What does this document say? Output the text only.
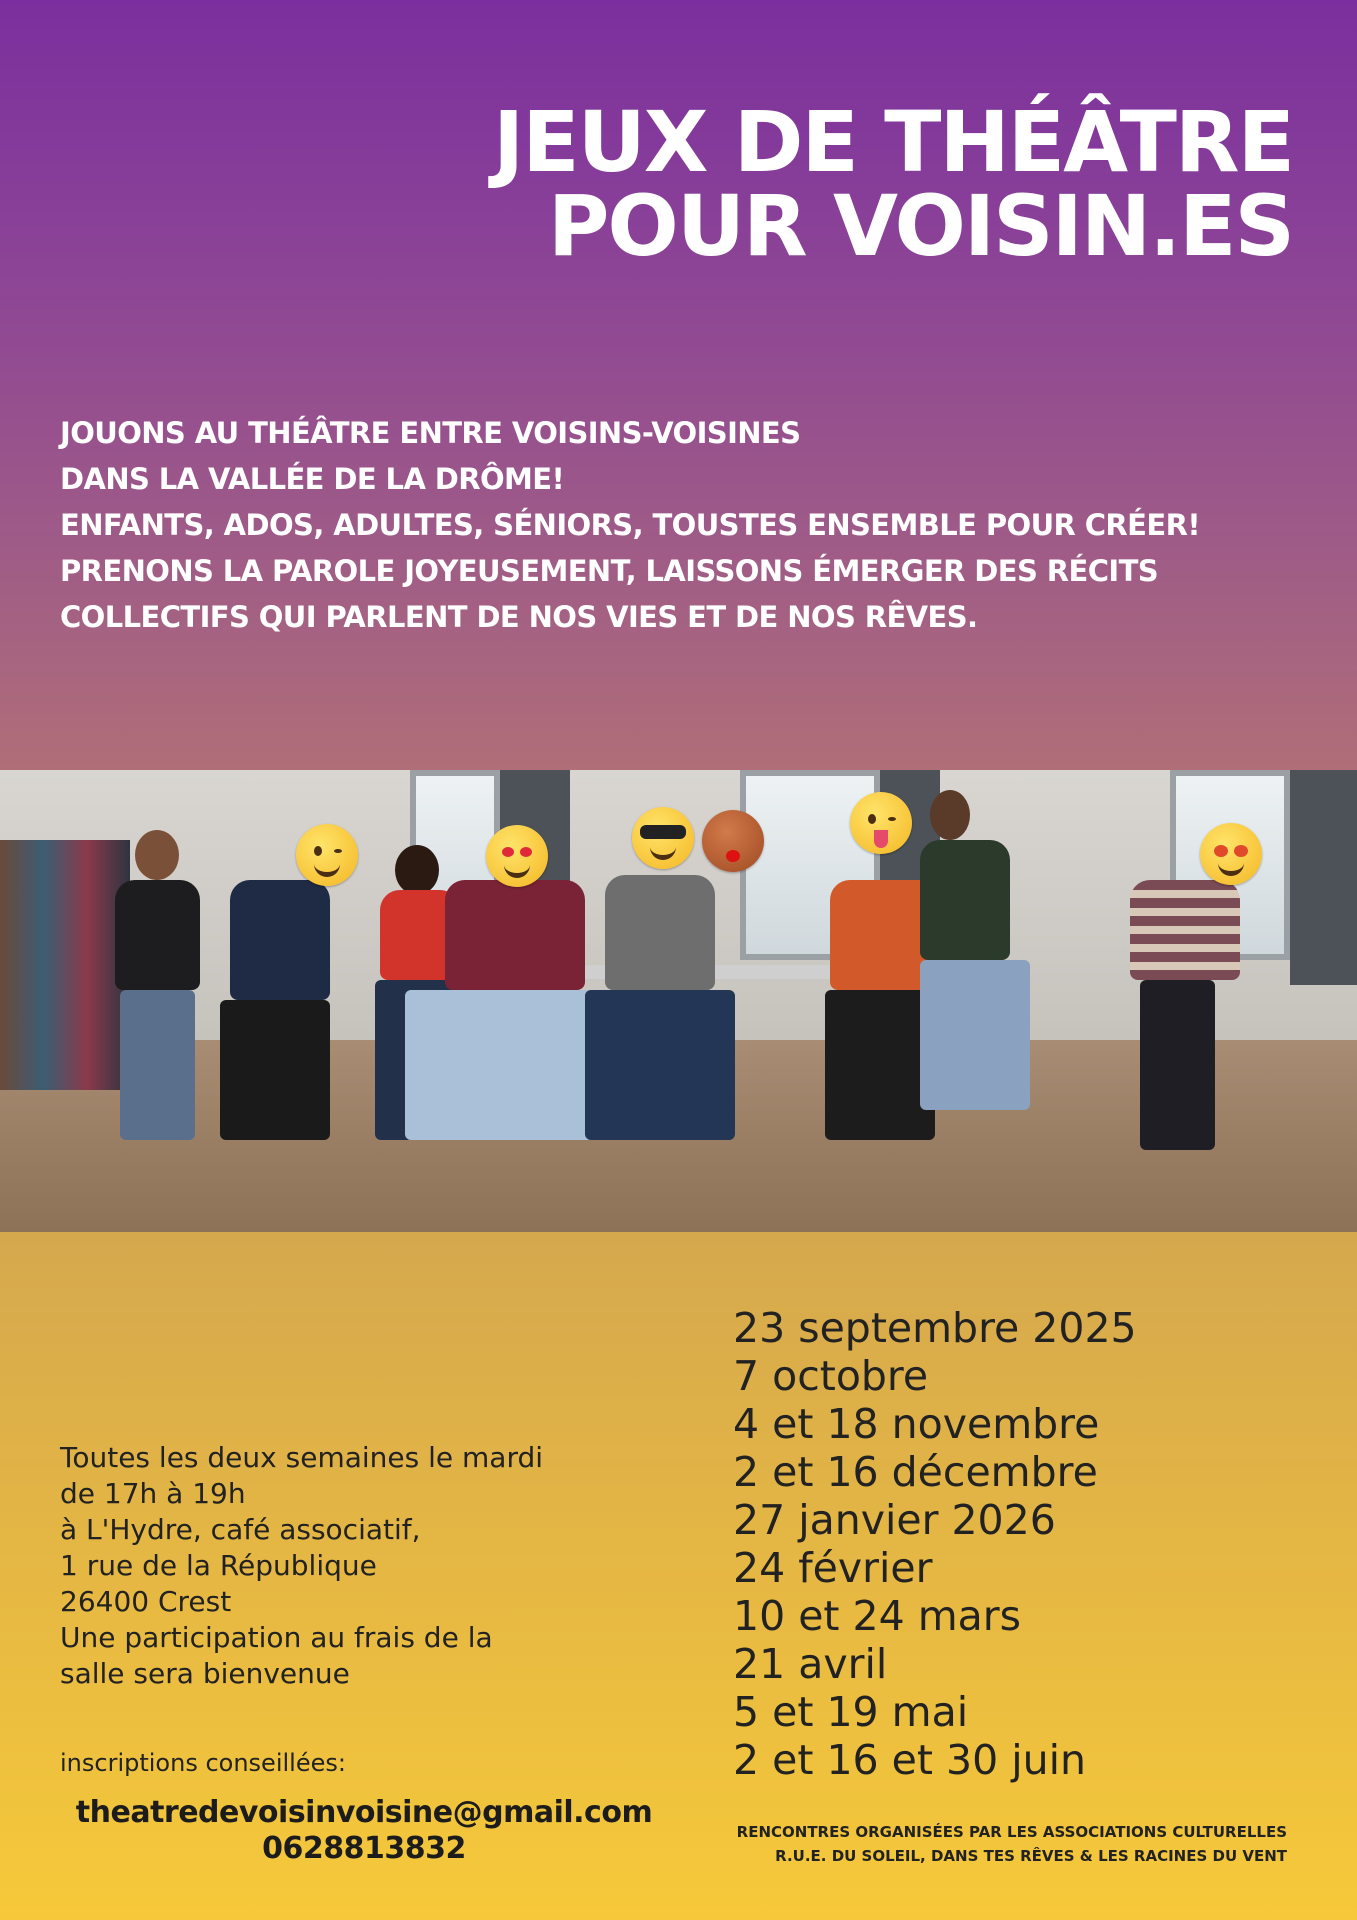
JEUX DE THÉÂTRE
POUR VOISIN.ES

JOUONS AU THÉÂTRE ENTRE VOISINS-VOISINES
DANS LA VALLÉE DE LA DRÔME!
ENFANTS, ADOS, ADULTES, SÉNIORS, TOUSTES ENSEMBLE POUR CRÉER!
PRENONS LA PAROLE JOYEUSEMENT, LAISSONS ÉMERGER DES RÉCITS
COLLECTIFS QUI PARLENT DE NOS VIES ET DE NOS RÊVES.

23 septembre 2025
7 octobre
4 et 18 novembre
2 et 16 décembre
27 janvier 2026
24 février
10 et 24 mars
21 avril
5 et 19 mai
2 et 16 et 30 juin

Toutes les deux semaines le mardi
de 17h à 19h
à L'Hydre, café associatif,
1 rue de la République
26400 Crest
Une participation au frais de la
salle sera bienvenue

inscriptions conseillées:

theatredevoisinvoisine@gmail.com
0628813832	RENCONTRES ORGANISÉES PAR LES ASSOCIATIONS CULTURELLES
R.U.E. DU SOLEIL, DANS TES RÊVES & LES RACINES DU VENT
